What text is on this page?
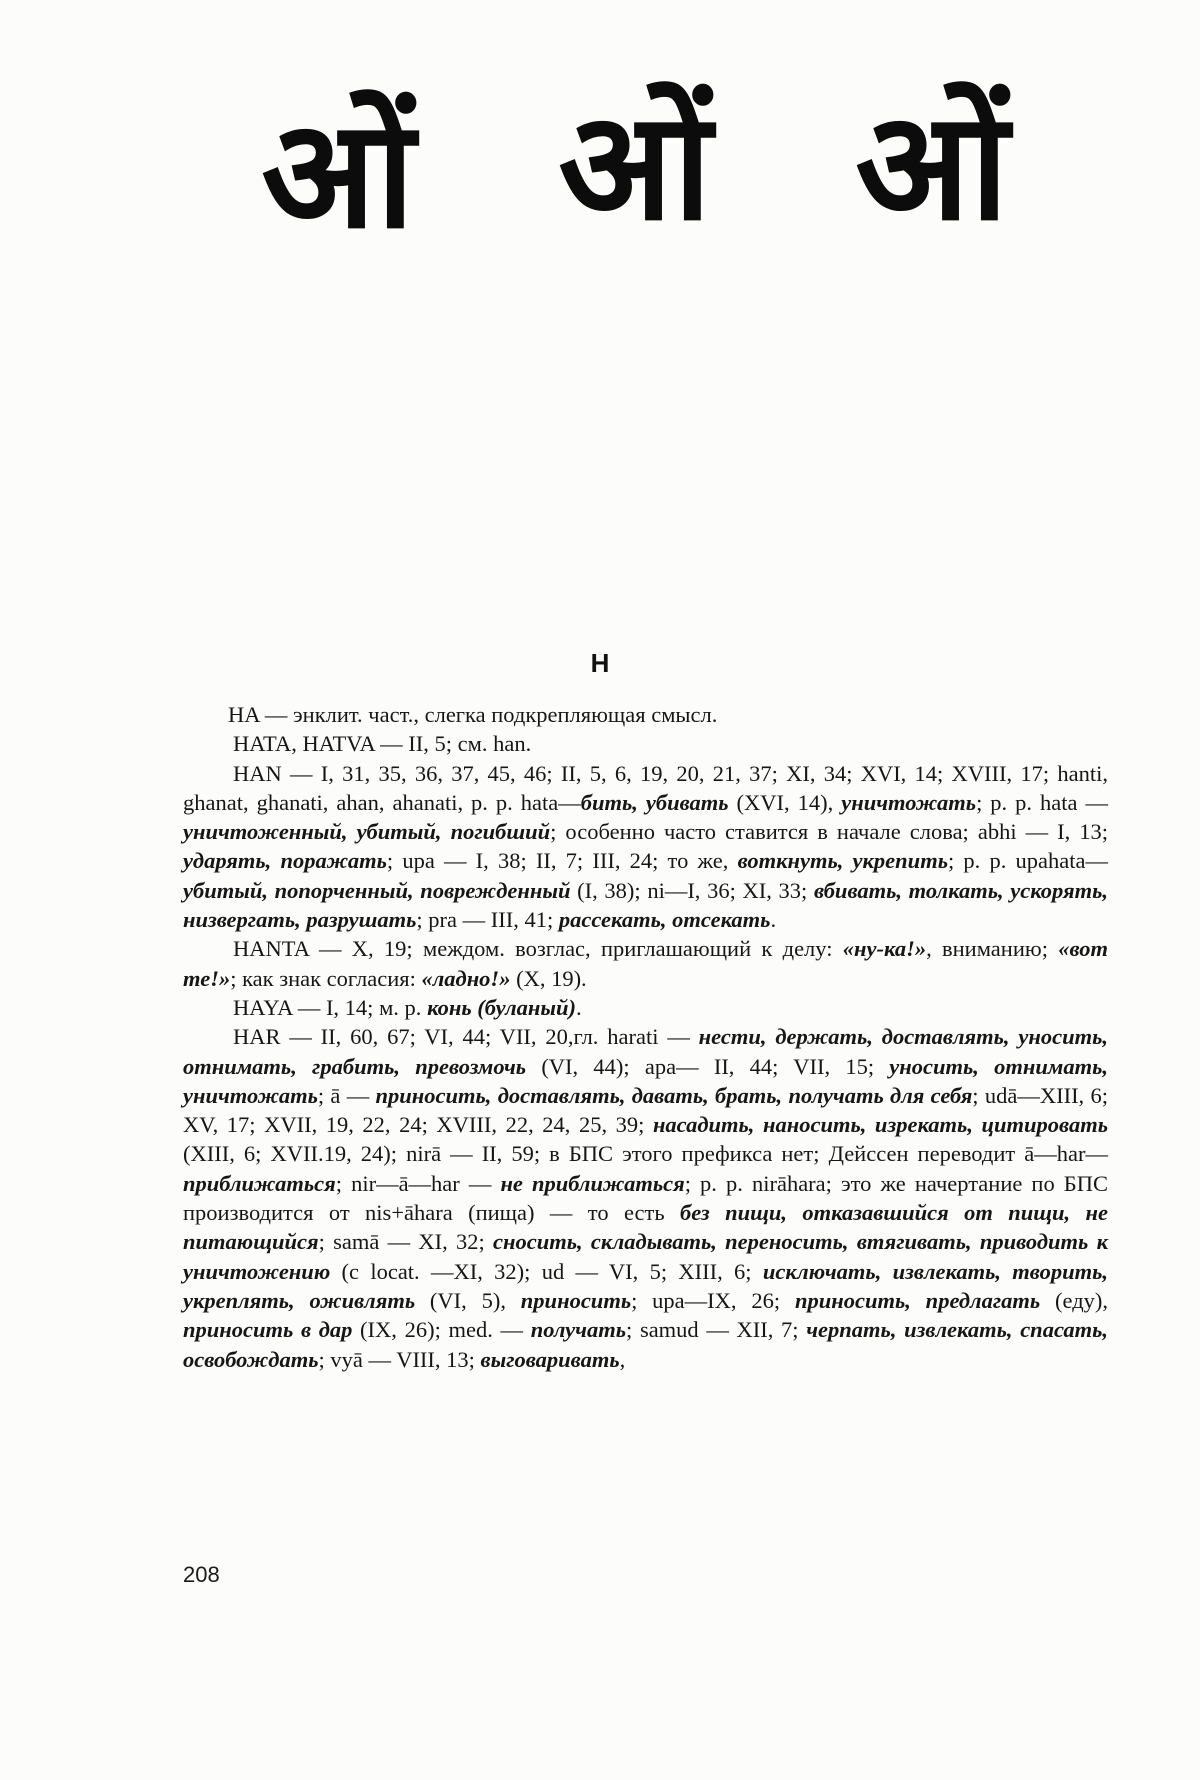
ओं ओं ओं
H

HA — энклит. част., слегка подкрепляющая смысл.

HATA, HATVA — II, 5; см. han.

HAN — I, 31, 35, 36, 37, 45, 46; II, 5, 6, 19, 20, 21, 37; XI, 34; XVI, 14; XVIII, 17; hanti, ghanat, ghanati, ahan, ahanati, p. p. hata—бить, убивать (XVI, 14), уничтожать; p. p. hata — уничтоженный, убитый, погибший; особенно часто ставится в начале слова; abhi — I, 13; ударять, поражать; upa — I, 38; II, 7; III, 24; то же, воткнуть, укрепить; p. p. upahata—убитый, попорченный, поврежденный (I, 38); ni—I, 36; XI, 33; вбивать, толкать, ускорять, низвергать, разрушать; pra — III, 41; рассекать, отсекать.

HANTA — X, 19; междом. возглас, приглашающий к делу: «ну-ка!», вниманию; «вот те!»; как знак согласия: «ладно!» (X, 19).

HAYA — I, 14; м. р. конь (буланый).

HAR — II, 60, 67; VI, 44; VII, 20,гл. harati — нести, держать, доставлять, уносить, отнимать, грабить, превозмочь (VI, 44); apa— II, 44; VII, 15; уносить, отнимать, уничтожать; ā — приносить, доставлять, давать, брать, получать для себя; udā—XIII, 6; XV, 17; XVII, 19, 22, 24; XVIII, 22, 24, 25, 39; насадить, наносить, изрекать, цитировать (XIII, 6; XVII.19, 24); nirā — II, 59; в БПС этого префикса нет; Дейссен переводит ā—har—приближаться; nir—ā—har — не приближаться; p. p. nirāhara; это же начертание по БПС производится от nis+āhara (пища) — то есть без пищи, отказавшийся от пищи, не питающийся; samā — XI, 32; сносить, складывать, переносить, втягивать, приводить к уничтожению (с locat. —XI, 32); ud — VI, 5; XIII, 6; исключать, извлекать, творить, укреплять, оживлять (VI, 5), приносить; upa—IX, 26; приносить, предлагать (еду), приносить в дар (IX, 26); med. — получать; samud — XII, 7; черпать, извлекать, спасать, освобождать; vyā — VIII, 13; выговаривать,

208
